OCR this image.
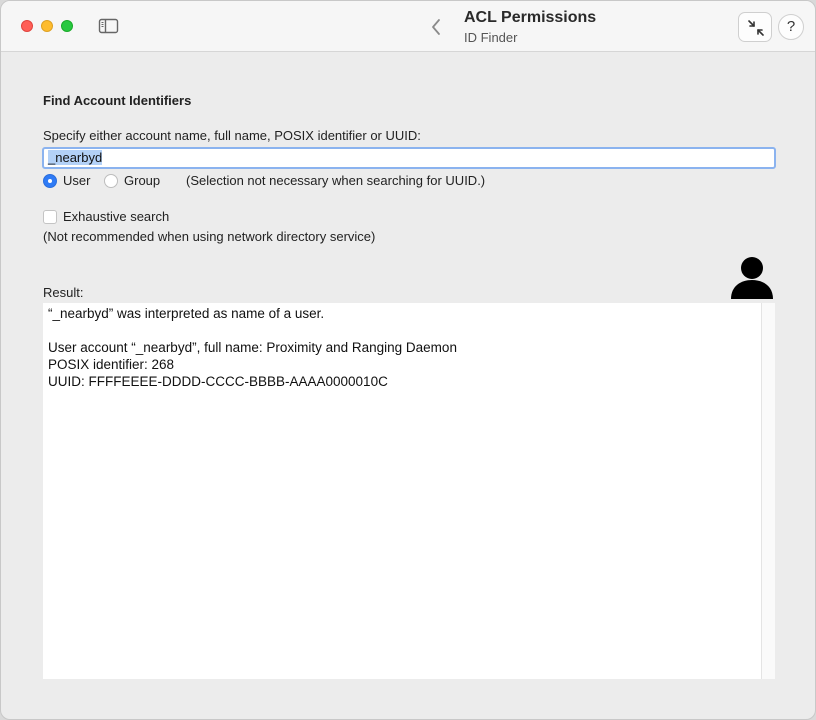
ACL Permissions
ID Finder
?
Find Account Identifiers
Specify either account name, full name, POSIX identifier or UUID:
_nearbyd
User	Group (Selection not necessary when searching for UUID.)
Exhaustive search
(Not recommended when using network directory service)
Result:
“_nearbyd” was interpreted as name of a user.
User account “_nearbyd”, full name: Proximity and Ranging Daemon
POSIX identifier: 268
UUID: FFFFEEEE-DDDD-CCCC-BBBB-AAAA0000010C
